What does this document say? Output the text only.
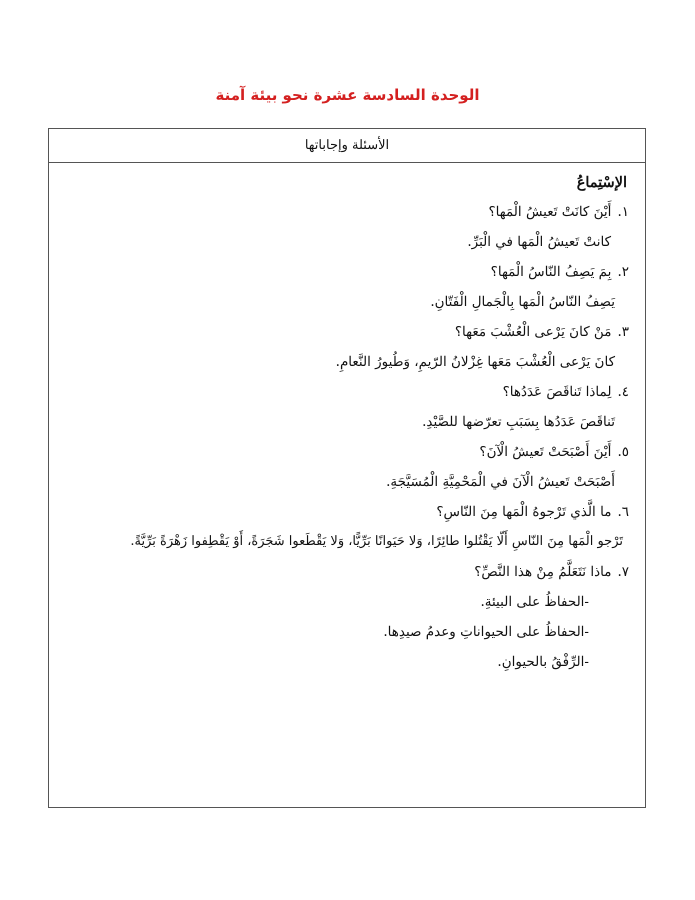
الوحدة السادسة عشرة نحو بيئة آمنة
الأسئلة وإجاباتها
الإسْتِماعُ
١.أَيْنَ كانَتْ تَعيشُ الْمَها؟
كانتْ تَعيشُ الْمَها في الْبَرِّ.
٢.بِمَ يَصِفُ النّاسُ الْمَها؟
يَصِفُ النّاسُ الْمَها بِالْجَمالِ الْفَتّانِ.
٣.مَنْ كانَ يَرْعى الْعُشْبَ مَعَها؟
كانَ يَرْعى الْعُشْبَ مَعَها غِزْلانُ الرّيمِ، وَطُيورُ النَّعامِ.
٤.لِماذا تَناقَصَ عَدَدُها؟
تَناقَصَ عَدَدُها بِسَبَبِ تعرّضها للصَّيْدِ.
٥.أَيْنَ أَصْبَحَتْ تَعيشُ الْآنَ؟
أَصْبَحَتْ تَعيشُ الْآنَ في الْمَحْمِيَّةِ الْمُسَيَّجَةِ.
٦.ما الَّذي تَرْجوهُ الْمَها مِنَ النّاسِ؟
تَرْجو الْمَها مِنَ النّاسِ أَلّا يَقْتُلوا طائِرًا، وَلا حَيَوانًا بَرِّيًّا، وَلا يَقْطَعوا شَجَرَةً، أَوْ يَقْطِفوا زَهْرَةً بَرِّيَّةً.
٧.ماذا نَتَعَلَّمُ مِنْ هذا النَّصِّ؟
-الحفاظُ على البيئةِ.
-الحفاظُ على الحيواناتِ وعدمُ صيدِها.
-الرِّفْقُ بالحيوانِ.
